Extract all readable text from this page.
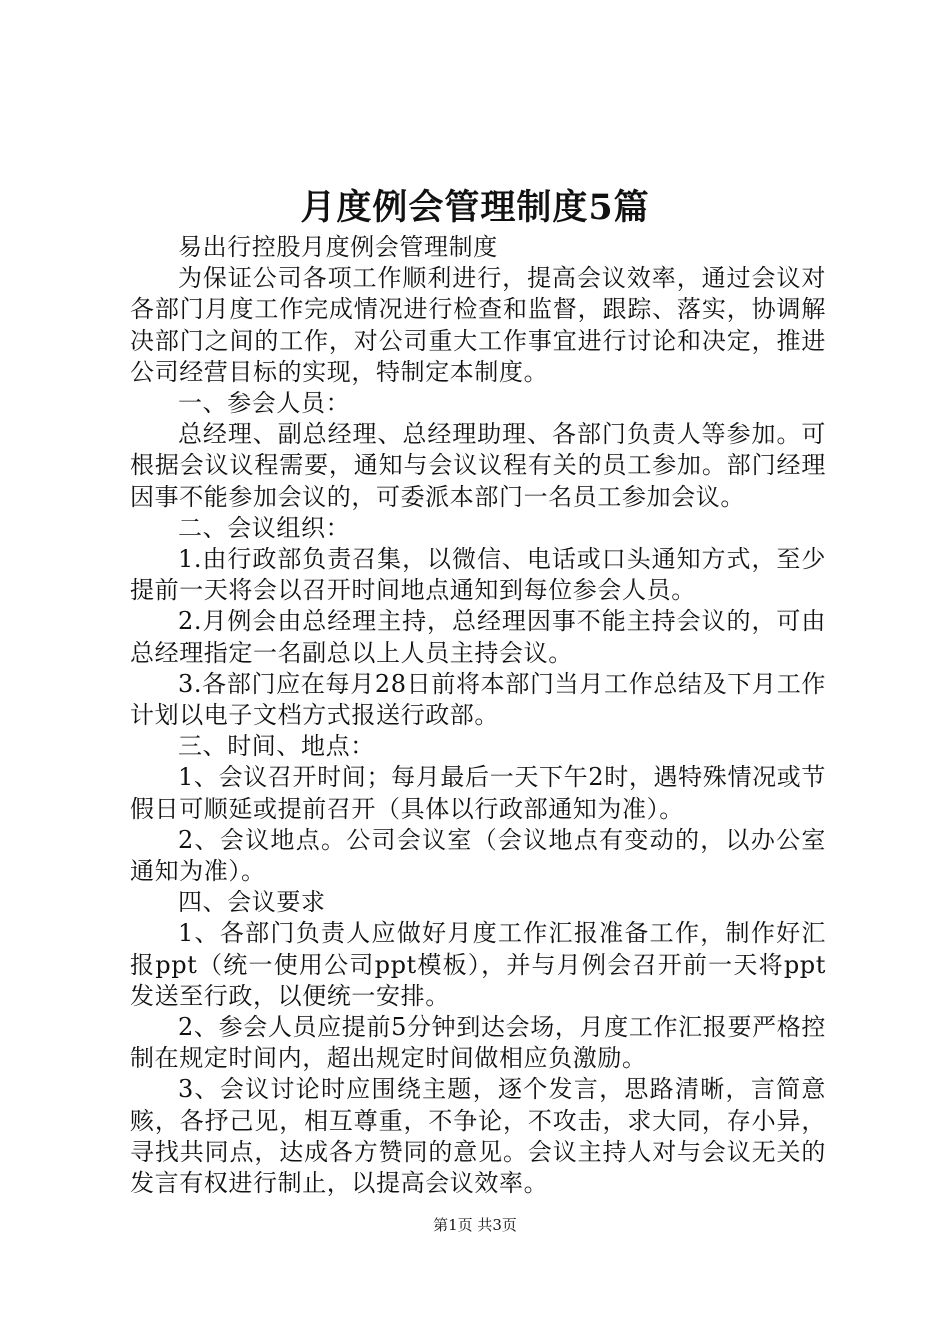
月度例会管理制度5篇

易出行控股月度例会管理制度

为保证公司各项工作顺利进行，提高会议效率，通过会议对各部门月度工作完成情况进行检查和监督，跟踪、落实，协调解决部门之间的工作，对公司重大工作事宜进行讨论和决定，推进公司经营目标的实现，特制定本制度。

一、参会人员：

总经理、副总经理、总经理助理、各部门负责人等参加。可根据会议议程需要，通知与会议议程有关的员工参加。部门经理因事不能参加会议的，可委派本部门一名员工参加会议。

二、会议组织：

1.由行政部负责召集，以微信、电话或口头通知方式，至少提前一天将会以召开时间地点通知到每位参会人员。

2.月例会由总经理主持，总经理因事不能主持会议的，可由总经理指定一名副总以上人员主持会议。

3.各部门应在每月28日前将本部门当月工作总结及下月工作计划以电子文档方式报送行政部。

三、时间、地点：

1、会议召开时间；每月最后一天下午2时，遇特殊情况或节假日可顺延或提前召开（具体以行政部通知为准）。

2、会议地点。公司会议室（会议地点有变动的，以办公室通知为准）。

四、会议要求

1、各部门负责人应做好月度工作汇报准备工作，制作好汇报ppt（统一使用公司ppt模板），并与月例会召开前一天将ppt发送至行政，以便统一安排。

2、参会人员应提前5分钟到达会场，月度工作汇报要严格控制在规定时间内，超出规定时间做相应负激励。

3、会议讨论时应围绕主题，逐个发言，思路清晰，言简意赅，各抒己见，相互尊重，不争论，不攻击，求大同，存小异，寻找共同点，达成各方赞同的意见。会议主持人对与会议无关的发言有权进行制止，以提高会议效率。

第1页 共3页
